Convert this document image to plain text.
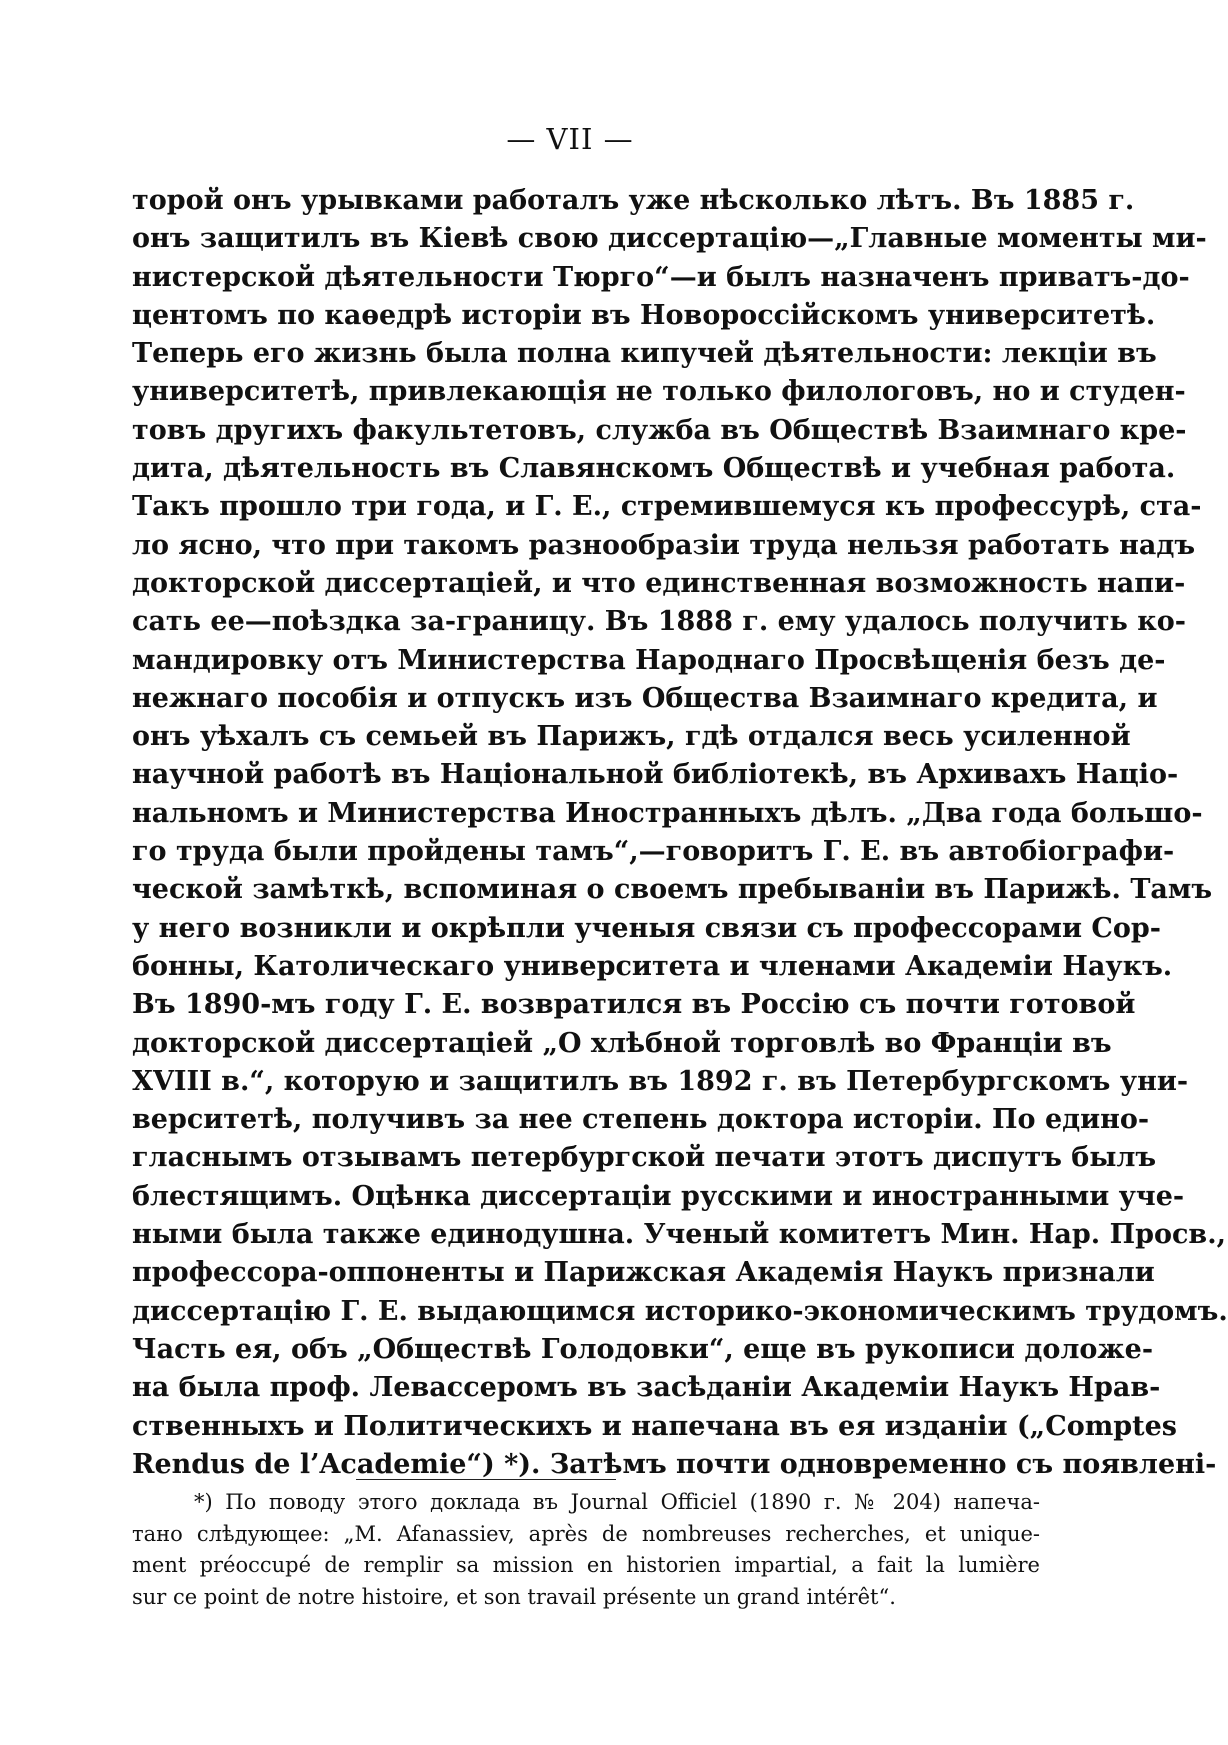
— VII —
торой онъ урывками работалъ уже нѣсколько лѣтъ. Въ 1885 г.
онъ защитилъ въ Кіевѣ свою диссертацію—„Главные моменты ми-
нистерской дѣятельности Тюрго“—и былъ назначенъ приватъ-до-
центомъ по каѳедрѣ исторіи въ Новороссійскомъ университетѣ.
Теперь его жизнь была полна кипучей дѣятельности: лекціи въ
университетѣ, привлекающія не только филологовъ, но и студен-
товъ другихъ факультетовъ, служба въ Обществѣ Взаимнаго кре-
дита, дѣятельность въ Славянскомъ Обществѣ и учебная работа.
Такъ прошло три года, и Г. Е., стремившемуся къ профессурѣ, ста-
ло ясно, что при такомъ разнообразіи труда нельзя работать надъ
докторской диссертаціей, и что единственная возможность напи-
сать ее—поѣздка за-границу. Въ 1888 г. ему удалось получить ко-
мандировку отъ Министерства Народнаго Просвѣщенія безъ де-
нежнаго пособія и отпускъ изъ Общества Взаимнаго кредита, и
онъ уѣхалъ съ семьей въ Парижъ, гдѣ отдался весь усиленной
научной работѣ въ Національной библіотекѣ, въ Архивахъ Націо-
нальномъ и Министерства Иностранныхъ дѣлъ. „Два года большо-
го труда были пройдены тамъ“,—говоритъ Г. Е. въ автобіографи-
ческой замѣткѣ, вспоминая о своемъ пребываніи въ Парижѣ. Тамъ
у него возникли и окрѣпли ученыя связи съ профессорами Сор-
бонны, Католическаго университета и членами Академіи Наукъ.
Въ 1890-мъ году Г. Е. возвратился въ Россію съ почти готовой
докторской диссертаціей „О хлѣбной торговлѣ во Франціи въ
XVIII в.“, которую и защитилъ въ 1892 г. въ Петербургскомъ уни-
верситетѣ, получивъ за нее степень доктора исторіи. По едино-
гласнымъ отзывамъ петербургской печати этотъ диспутъ былъ
блестящимъ. Оцѣнка диссертаціи русскими и иностранными уче-
ными была также единодушна. Ученый комитетъ Мин. Нар. Просв.,
профессора-оппоненты и Парижская Академія Наукъ признали
диссертацію Г. Е. выдающимся историко-экономическимъ трудомъ.
Часть ея, объ „Обществѣ Голодовки“, еще въ рукописи доложе-
на была проф. Левассеромъ въ засѣданіи Академіи Наукъ Нрав-
ственныхъ и Политическихъ и напечана въ ея изданіи („Comptes
Rendus de l’Academie“) *). Затѣмъ почти одновременно съ появлені-
*) По поводу этого доклада въ Journal Officiel (1890 г. № 204) напеча-
тано слѣдующее: „M. Afanassiev, après de nombreuses recherches, et unique-
ment préoccupé de remplir sa mission en historien impartial, a fait la lumière
sur ce point de notre histoire, et son travail présente un grand intérêt“.
